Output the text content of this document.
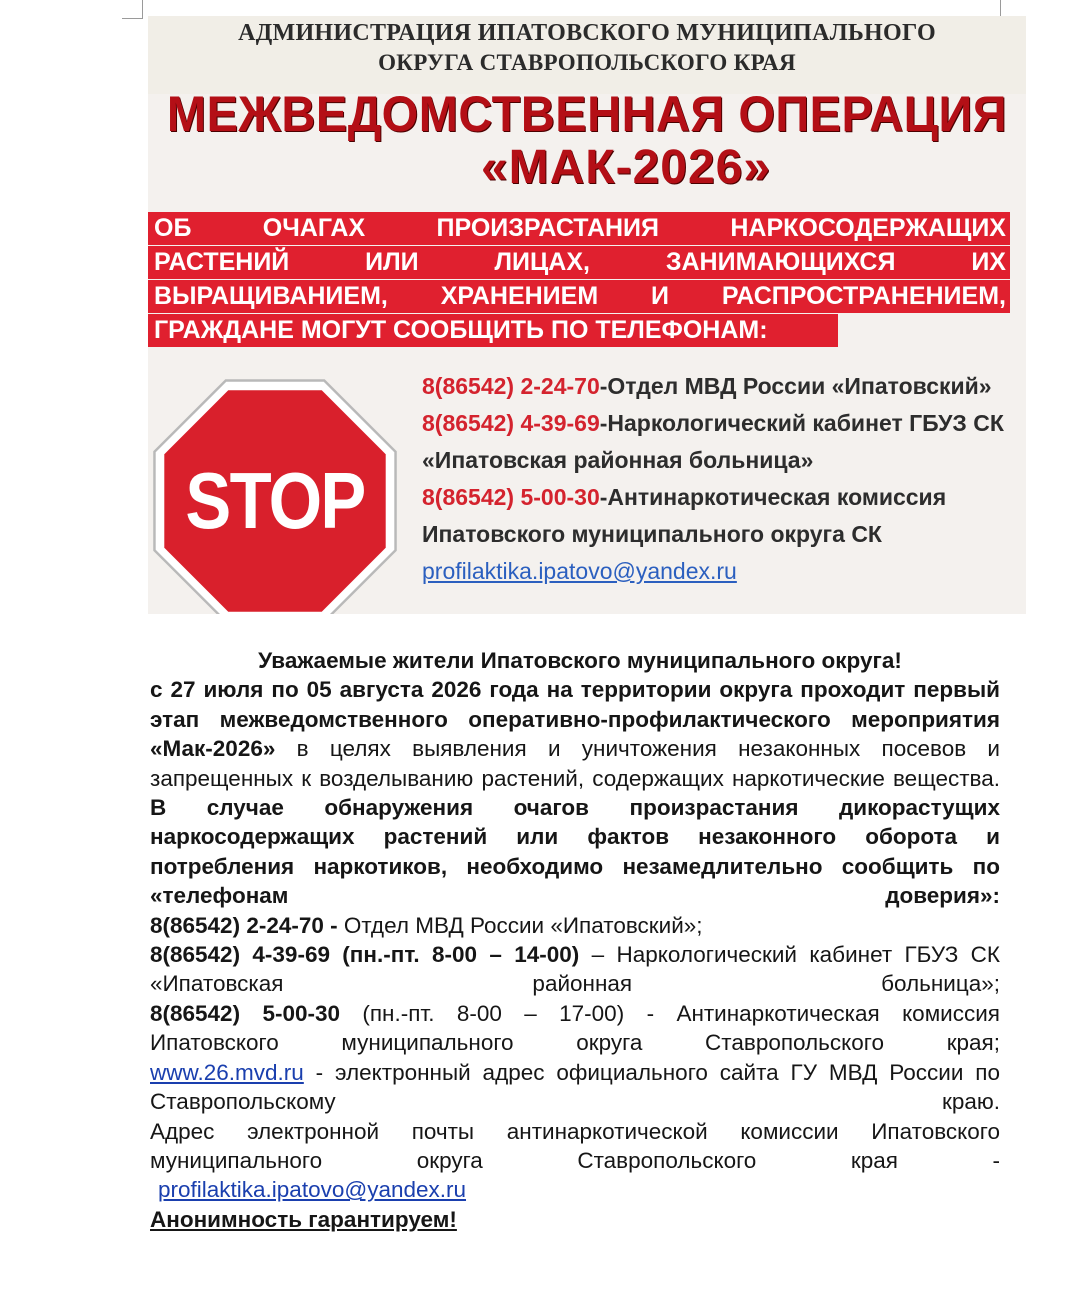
АДМИНИСТРАЦИЯ ИПАТОВСКОГО МУНИЦИПАЛЬНОГО
ОКРУГА СТАВРОПОЛЬСКОГО КРАЯ
МЕЖВЕДОМСТВЕННАЯ ОПЕРАЦИЯ
«МАК-2026»
ОБ	ОЧАГАХ	ПРОИЗРАСТАНИЯ	НАРКОСОДЕРЖАЩИХ
РАСТЕНИЙ	ИЛИ	ЛИЦАХ,	ЗАНИМАЮЩИХСЯ	ИХ
ВЫРАЩИВАНИЕМ, ХРАНЕНИЕМ И РАСПРОСТРАНЕНИЕМ,
ГРАЖДАНЕ МОГУТ СООБЩИТЬ ПО ТЕЛЕФОНАМ:
STOP
8(86542) 2-24-70-Отдел МВД России «Ипатовский»
8(86542) 4-39-69-Наркологический кабинет ГБУЗ СК «Ипатовская районная больница»
8(86542) 5-00-30-Антинаркотическая комиссия Ипатовского муниципального округа СК profilaktika.ipatovo@yandex.ru

Уважаемые жители Ипатовского муниципального округа!

с 27 июля по 05 августа 2026 года на территории округа проходит первый этап межведомственного оперативно-профилактического мероприятия «Мак-2026» в целях выявления и уничтожения незаконных посевов и запрещенных к возделыванию растений, содержащих наркотические вещества.

В случае обнаружения очагов произрастания дикорастущих наркосодержащих растений или фактов незаконного оборота и потребления наркотиков, необходимо незамедлительно сообщить по «телефонам доверия»:

8(86542) 2-24-70 - Отдел МВД России «Ипатовский»;

8(86542) 4-39-69 (пн.-пт. 8-00 – 14-00) – Наркологический кабинет ГБУЗ СК «Ипатовская районная больница»;

8(86542) 5-00-30 (пн.-пт. 8-00 – 17-00) - Антинаркотическая комиссия Ипатовского муниципального округа Ставропольского края;

www.26.mvd.ru - электронный адрес официального сайта ГУ МВД России по Ставропольскому краю.

Адрес электронной почты антинаркотической комиссии Ипатовского муниципального округа Ставропольского края -

profilaktika.ipatovo@yandex.ru

Анонимность гарантируем!
